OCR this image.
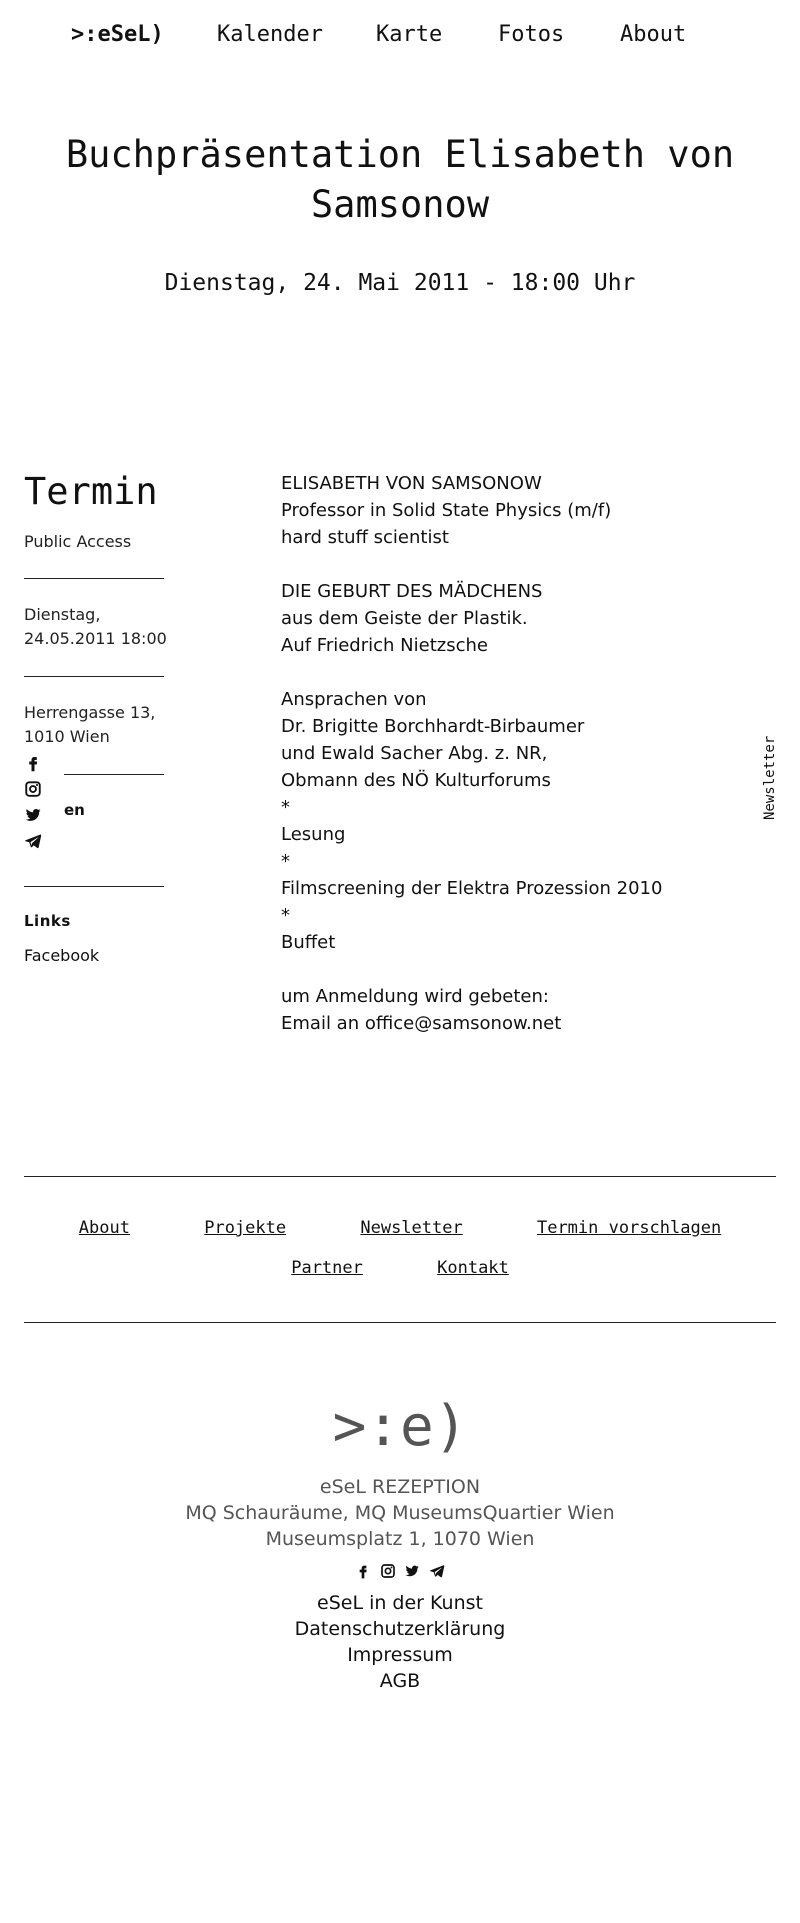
>:eSeL) Kalender Karte	Fotos	About
Buchpräsentation Elisabeth von Samsonow
Dienstag, 24. Mai 2011 - 18:00 Uhr
Termin
Public Access
Dienstag,
24.05.2011 18:00
Herrengasse 13,
1010 Wien
en
Links
Facebook
ELISABETH VON SAMSONOW
Professor in Solid State Physics (m/f)
hard stuff scientist
DIE GEBURT DES MÄDCHENS
aus dem Geiste der Plastik.
Auf Friedrich Nietzsche
Ansprachen von
Dr. Brigitte Borchhardt-Birbaumer
und Ewald Sacher Abg. z. NR,
Obmann des NÖ Kulturforums
*
Lesung
*
Filmscreening der Elektra Prozession 2010
*
Buffet
um Anmeldung wird gebeten:
Email an office@samsonow.net
Newsletter
About	Projekte	Newsletter	Termin vorschlagen
Partner	Kontakt
>:e)
eSeL REZEPTION
MQ Schauräume, MQ MuseumsQuartier Wien
Museumsplatz 1, 1070 Wien
eSeL in der Kunst
Datenschutzerklärung
Impressum
AGB
